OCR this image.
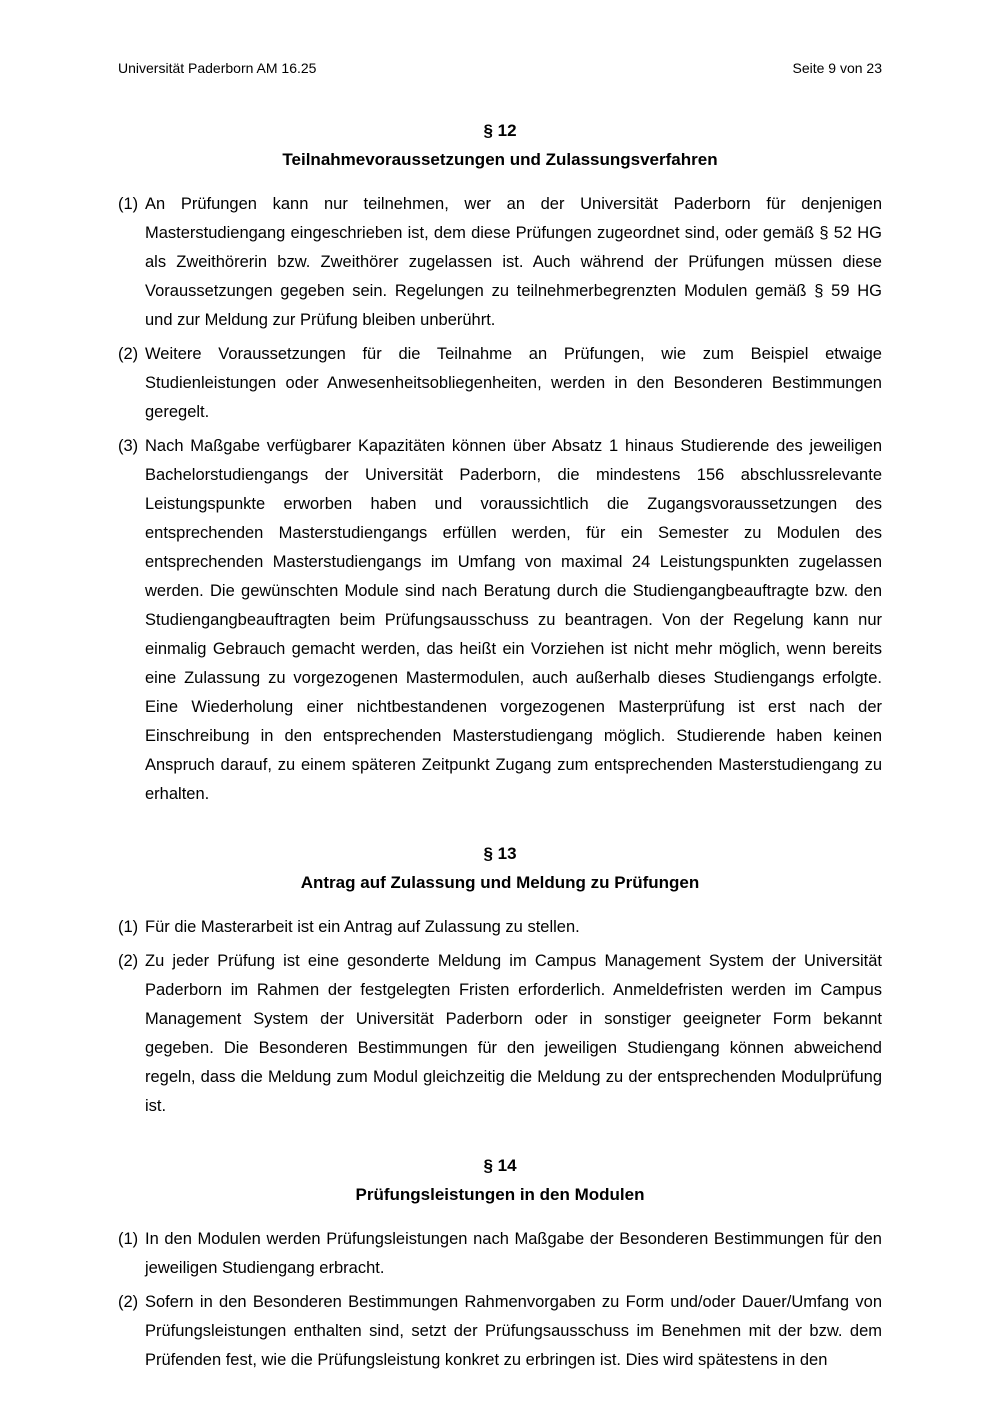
Universität Paderborn AM 16.25	Seite 9 von 23
§ 12
Teilnahmevoraussetzungen und Zulassungsverfahren
(1) An Prüfungen kann nur teilnehmen, wer an der Universität Paderborn für denjenigen Masterstudiengang eingeschrieben ist, dem diese Prüfungen zugeordnet sind, oder gemäß § 52 HG als Zweithörerin bzw. Zweithörer zugelassen ist. Auch während der Prüfungen müssen diese Voraussetzungen gegeben sein. Regelungen zu teilnehmerbegrenzten Modulen gemäß § 59 HG und zur Meldung zur Prüfung bleiben unberührt.
(2) Weitere Voraussetzungen für die Teilnahme an Prüfungen, wie zum Beispiel etwaige Studienleistungen oder Anwesenheitsobliegenheiten, werden in den Besonderen Bestimmungen geregelt.
(3) Nach Maßgabe verfügbarer Kapazitäten können über Absatz 1 hinaus Studierende des jeweiligen Bachelorstudiengangs der Universität Paderborn, die mindestens 156 abschlussrelevante Leistungspunkte erworben haben und voraussichtlich die Zugangsvoraussetzungen des entsprechenden Masterstudiengangs erfüllen werden, für ein Semester zu Modulen des entsprechenden Masterstudiengangs im Umfang von maximal 24 Leistungspunkten zugelassen werden. Die gewünschten Module sind nach Beratung durch die Studiengangbeauftragte bzw. den Studiengangbeauftragten beim Prüfungsausschuss zu beantragen. Von der Regelung kann nur einmalig Gebrauch gemacht werden, das heißt ein Vorziehen ist nicht mehr möglich, wenn bereits eine Zulassung zu vorgezogenen Mastermodulen, auch außerhalb dieses Studiengangs erfolgte. Eine Wiederholung einer nichtbestandenen vorgezogenen Masterprüfung ist erst nach der Einschreibung in den entsprechenden Masterstudiengang möglich. Studierende haben keinen Anspruch darauf, zu einem späteren Zeitpunkt Zugang zum entsprechenden Masterstudiengang zu erhalten.
§ 13
Antrag auf Zulassung und Meldung zu Prüfungen
(1) Für die Masterarbeit ist ein Antrag auf Zulassung zu stellen.
(2) Zu jeder Prüfung ist eine gesonderte Meldung im Campus Management System der Universität Paderborn im Rahmen der festgelegten Fristen erforderlich. Anmeldefristen werden im Campus Management System der Universität Paderborn oder in sonstiger geeigneter Form bekannt gegeben. Die Besonderen Bestimmungen für den jeweiligen Studiengang können abweichend regeln, dass die Meldung zum Modul gleichzeitig die Meldung zu der entsprechenden Modulprüfung ist.
§ 14
Prüfungsleistungen in den Modulen
(1) In den Modulen werden Prüfungsleistungen nach Maßgabe der Besonderen Bestimmungen für den jeweiligen Studiengang erbracht.
(2) Sofern in den Besonderen Bestimmungen Rahmenvorgaben zu Form und/oder Dauer/Umfang von Prüfungsleistungen enthalten sind, setzt der Prüfungsausschuss im Benehmen mit der bzw. dem Prüfenden fest, wie die Prüfungsleistung konkret zu erbringen ist. Dies wird spätestens in den
